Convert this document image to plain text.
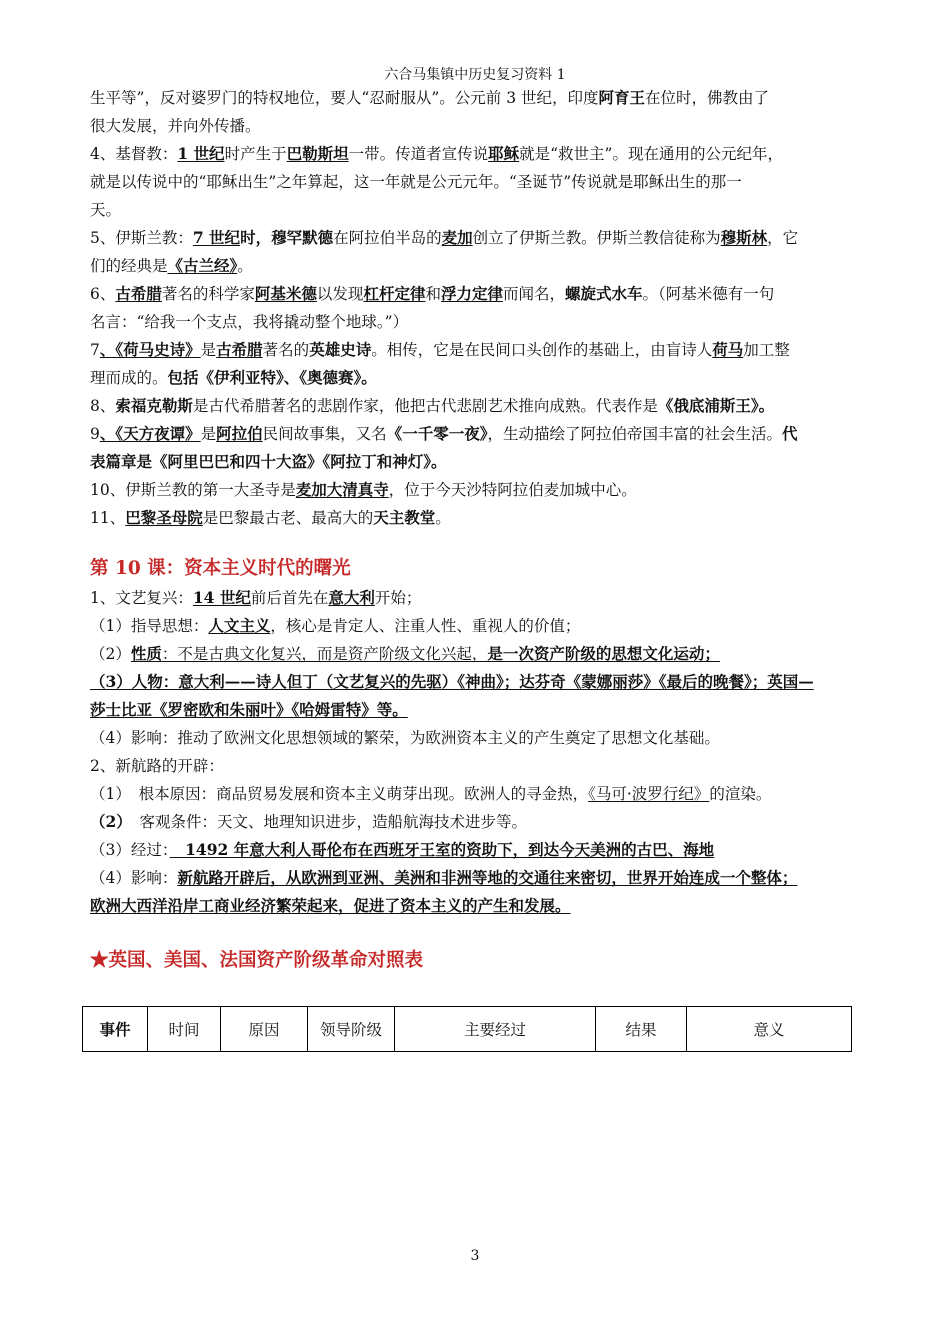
六合马集镇中历史复习资料 1

生平等”，反对婆罗门的特权地位，要人“忍耐服从”。公元前 3 世纪，印度阿育王在位时，佛教由了

很大发展，并向外传播。

4、基督教：1 世纪时产生于巴勒斯坦一带。传道者宣传说耶稣就是“救世主”。现在通用的公元纪年，

就是以传说中的“耶稣出生”之年算起，这一年就是公元元年。“圣诞节”传说就是耶稣出生的那一

天。

5、伊斯兰教：7 世纪时，穆罕默德在阿拉伯半岛的麦加创立了伊斯兰教。伊斯兰教信徒称为穆斯林，它

们的经典是《古兰经》。

6、古希腊著名的科学家阿基米德以发现杠杆定律和浮力定律而闻名，螺旋式水车。（阿基米德有一句

名言：“给我一个支点，我将撬动整个地球。”）

7、《荷马史诗》是古希腊著名的英雄史诗。相传，它是在民间口头创作的基础上，由盲诗人荷马加工整

理而成的。包括《伊利亚特》、《奥德赛》。

8、索福克勒斯是古代希腊著名的悲剧作家，他把古代悲剧艺术推向成熟。代表作是《俄底浦斯王》。

9、《天方夜谭》是阿拉伯民间故事集，又名《一千零一夜》，生动描绘了阿拉伯帝国丰富的社会生活。代

表篇章是《阿里巴巴和四十大盗》《阿拉丁和神灯》。

10、伊斯兰教的第一大圣寺是麦加大清真寺，位于今天沙特阿拉伯麦加城中心。

11、巴黎圣母院是巴黎最古老、最高大的天主教堂。

第 10 课：资本主义时代的曙光

1、文艺复兴：14 世纪前后首先在意大利开始；

（1）指导思想：人文主义，核心是肯定人、注重人性、重视人的价值；

（2）性质：不是古典文化复兴，而是资产阶级文化兴起，是一次资产阶级的思想文化运动；

（3）人物：意大利——诗人但丁（文艺复兴的先驱）《神曲》；达芬奇《蒙娜丽莎》《最后的晚餐》；英国—

莎士比亚《罗密欧和朱丽叶》《哈姆雷特》等。

（4）影响：推动了欧洲文化思想领域的繁荣，为欧洲资本主义的产生奠定了思想文化基础。

2、新航路的开辟：

（1）　根本原因：商品贸易发展和资本主义萌芽出现。欧洲人的寻金热，《马可·波罗行纪》的渲染。

（2）　客观条件：天文、地理知识进步，造船航海技术进步等。

（3）经过：　1492 年意大利人哥伦布在西班牙王室的资助下，到达今天美洲的古巴、海地

（4）影响：新航路开辟后，从欧洲到亚洲、美洲和非洲等地的交通往来密切，世界开始连成一个整体；

欧洲大西洋沿岸工商业经济繁荣起来，促进了资本主义的产生和发展。

★英国、美国、法国资产阶级革命对照表

事件	时间	原因	领导阶级	主要经过	结果	意义
3
